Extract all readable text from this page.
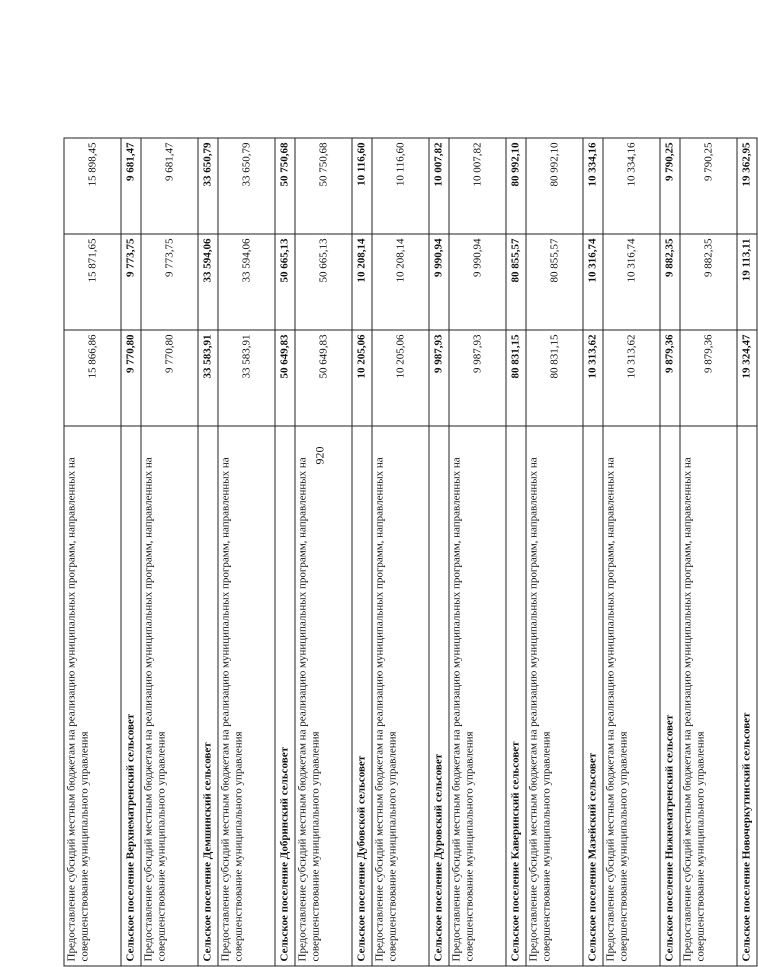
920
Предоставление субсидий местным бюджетам на реализацию муниципальных программ, направленных на совершенствование муниципального управления	15 866,86	15 871,65	15 898,45
Сельское поселение Верхнематренский сельсовет	9 770,80	9 773,75	9 681,47
Предоставление субсидий местным бюджетам на реализацию муниципальных программ, направленных на совершенствование муниципального управления	9 770,80	9 773,75	9 681,47
Сельское поселение Демшинский сельсовет	33 583,91	33 594,06	33 650,79
Предоставление субсидий местным бюджетам на реализацию муниципальных программ, направленных на совершенствование муниципального управления	33 583,91	33 594,06	33 650,79
Сельское поселение Добринский сельсовет	50 649,83	50 665,13	50 750,68
Предоставление субсидий местным бюджетам на реализацию муниципальных программ, направленных на совершенствование муниципального управления	50 649,83	50 665,13	50 750,68
Сельское поселение Дубовской сельсовет	10 205,06	10 208,14	10 116,60
Предоставление субсидий местным бюджетам на реализацию муниципальных программ, направленных на совершенствование муниципального управления	10 205,06	10 208,14	10 116,60
Сельское поселение Дуровский сельсовет	9 987,93	9 990,94	10 007,82
Предоставление субсидий местным бюджетам на реализацию муниципальных программ, направленных на совершенствование муниципального управления	9 987,93	9 990,94	10 007,82
Сельское поселение Каверинский сельсовет	80 831,15	80 855,57	80 992,10
Предоставление субсидий местным бюджетам на реализацию муниципальных программ, направленных на совершенствование муниципального управления	80 831,15	80 855,57	80 992,10
Сельское поселение Мазейский сельсовет	10 313,62	10 316,74	10 334,16
Предоставление субсидий местным бюджетам на реализацию муниципальных программ, направленных на совершенствование муниципального управления	10 313,62	10 316,74	10 334,16
Сельское поселение Нижнематренский сельсовет	9 879,36	9 882,35	9 790,25
Предоставление субсидий местным бюджетам на реализацию муниципальных программ, направленных на совершенствование муниципального управления	9 879,36	9 882,35	9 790,25
Сельское поселение Новочеркутинский сельсовет	19 324,47	19 113,11	19 362,95
